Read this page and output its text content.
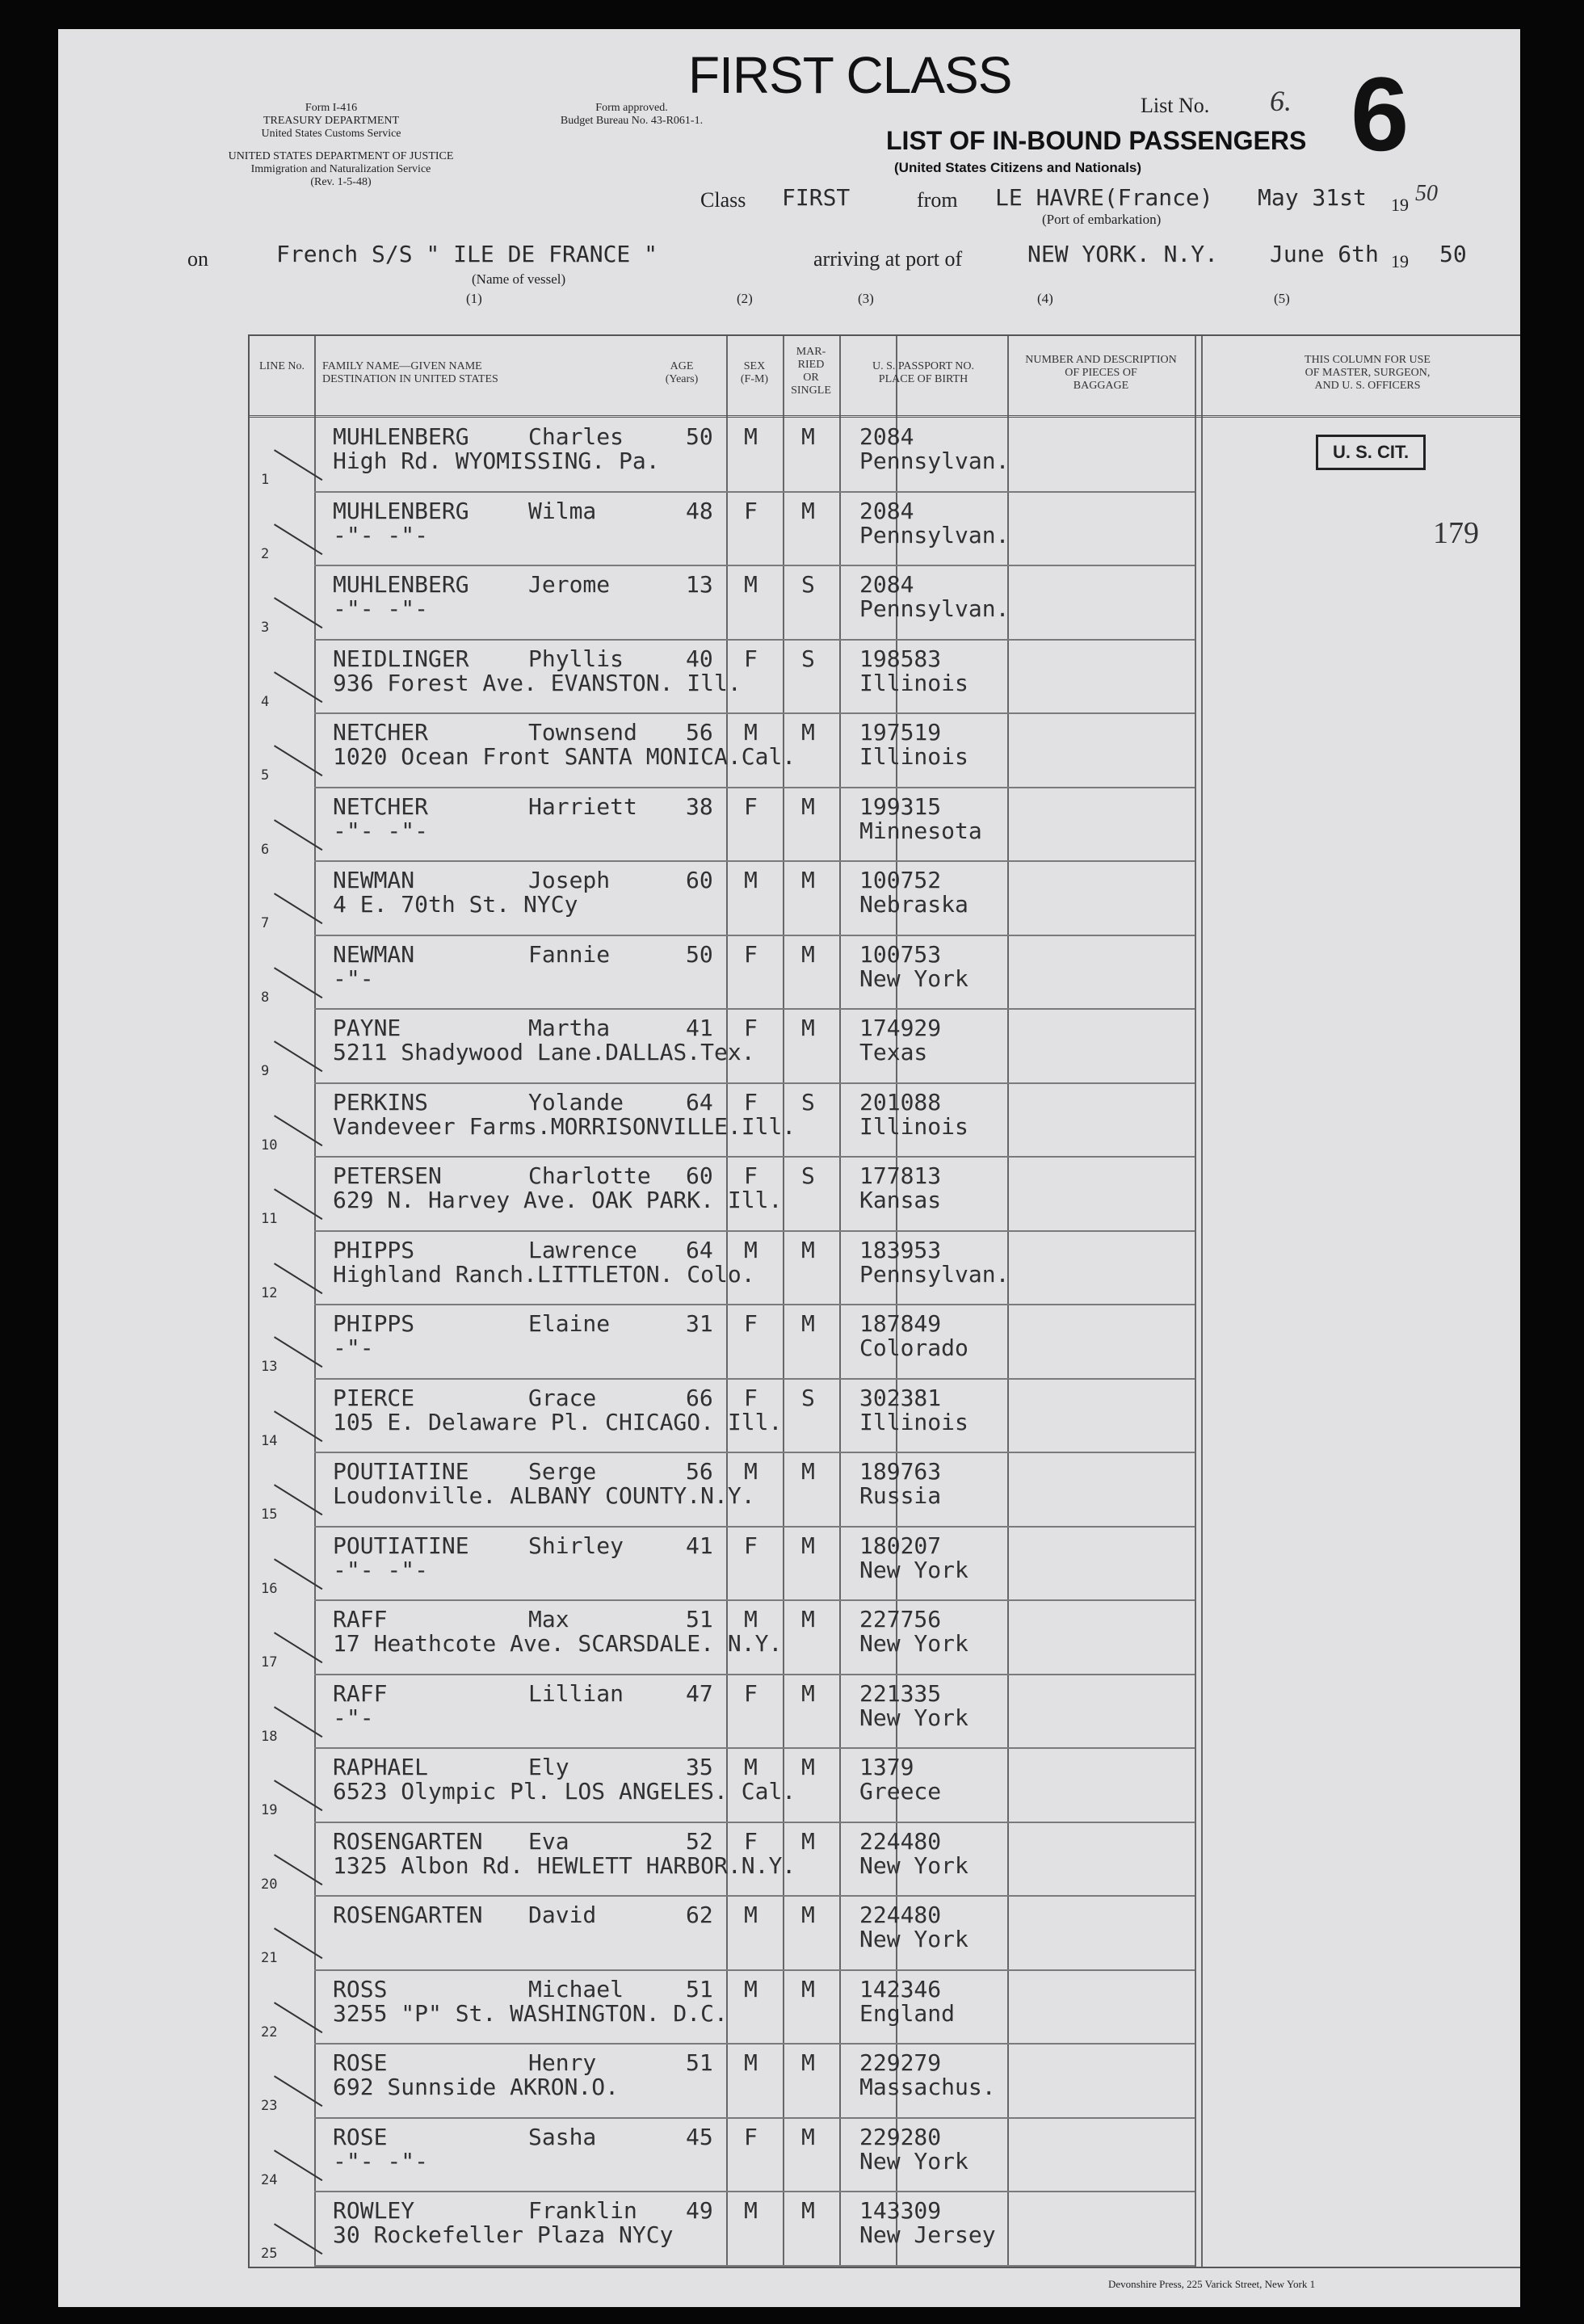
Form I-416
TREASURY DEPARTMENT
United States Customs Service
Form approved.
Budget Bureau No. 43-R061-1.
UNITED STATES DEPARTMENT OF JUSTICE
Immigration and Naturalization Service
(Rev. 1-5-48)
FIRST CLASS
List No. 6. 6
LIST OF IN-BOUND PASSENGERS
(United States Citizens and Nationals)
Class FIRST	from LE HAVRE(France) May 31st 19 50
(Port of embarkation)
on	French S/S " ILE DE FRANCE "
(Name of vessel)
arriving at port of	NEW YORK. N.Y. June 6th 19 50
(1)	(2)	(3)	(4)	(5)
LINE No.	FAMILY NAME—GIVEN NAME
DESTINATION IN UNITED STATES
AGE
(Years)
SEX
(F-M)
MAR-
RIED
OR
SINGLE
U. S. PASSPORT NO.
PLACE OF BIRTH
NUMBER AND DESCRIPTION
OF PIECES OF
BAGGAGE
THIS COLUMN FOR USE
OF MASTER, SURGEON,
AND U. S. OFFICERS
1
MUHLENBERG	Charles
High Rd. WYOMISSING. Pa.
50 M M 2084
Pennsylvan.
2
MUHLENBERG	Wilma
-"- -"-
48 F M 2084
Pennsylvan.
3
MUHLENBERG	Jerome
-"- -"-
13 M S 2084
Pennsylvan.
4
NEIDLINGER	Phyllis
936 Forest Ave. EVANSTON. Ill.
40 F S 198583
Illinois
5
NETCHER	Townsend
1020 Ocean Front SANTA MONICA.Cal.
56 M M 197519
Illinois
6
NETCHER	Harriett
-"- -"-
38 F M 199315
Minnesota
7
NEWMAN	Joseph
4 E. 70th St. NYCy
60 M M 100752
Nebraska
8
NEWMAN	Fannie
-"-
50 F M 100753
New York
9
PAYNE	Martha
5211 Shadywood Lane.DALLAS.Tex.
41 F M 174929
Texas
10
PERKINS	Yolande
Vandeveer Farms.MORRISONVILLE.Ill.
64 F S 201088
Illinois
11
PETERSEN	Charlotte
629 N. Harvey Ave. OAK PARK. Ill.
60 F S 177813
Kansas
12
PHIPPS	Lawrence
Highland Ranch.LITTLETON. Colo.
64 M M 183953
Pennsylvan.
13
PHIPPS	Elaine
-"-
31 F M 187849
Colorado
14
PIERCE	Grace
105 E. Delaware Pl. CHICAGO. Ill.
66 F S 302381
Illinois
15
POUTIATINE	Serge
Loudonville. ALBANY COUNTY.N.Y.
56 M M 189763
Russia
16
POUTIATINE	Shirley
-"- -"-
41 F M 180207
New York
17
RAFF	Max
17 Heathcote Ave. SCARSDALE. N.Y.
51 M M 227756
New York
18
RAFF	Lillian
-"-
47 F M 221335
New York
19
RAPHAEL	Ely
6523 Olympic Pl. LOS ANGELES. Cal.
35 M M 1379
Greece
20
ROSENGARTEN Eva
1325 Albon Rd. HEWLETT HARBOR.N.Y.
52 F M 224480
New York
21
ROSENGARTEN David	62 M M 224480
New York
22
ROSS	Michael
3255 "P" St. WASHINGTON. D.C.
51 M M 142346
England
23
ROSE	Henry
692 Sunnside AKRON.O.
51 M M 229279
Massachus.
24
ROSE	Sasha
-"- -"-
45 F M 229280
New York
25
ROWLEY	Franklin
30 Rockefeller Plaza NYCy
49 M M 143309
New Jersey
U. S. CIT.
179
Devonshire Press, 225 Varick Street, New York 1
